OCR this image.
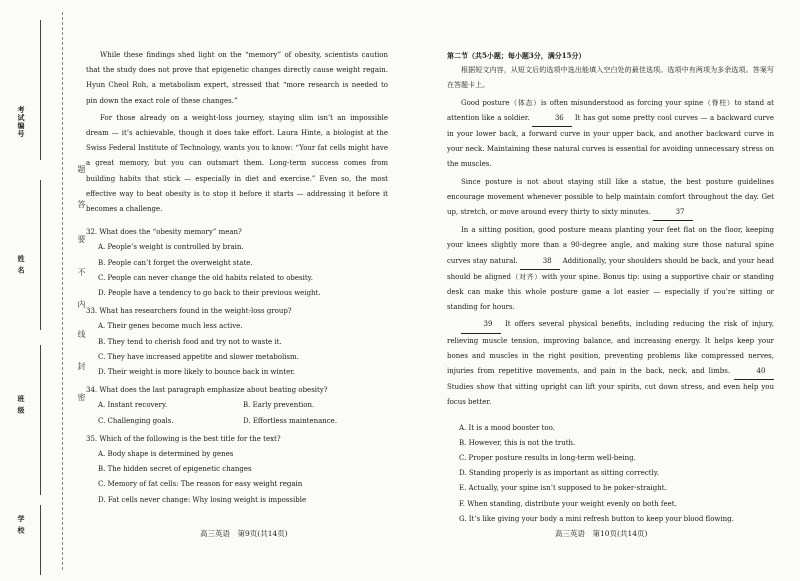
考试编号
姓 名
班 级
学 校
题
答
要
不
内
线
封
密

While these findings shed light on the “memory” of obesity, scientists caution that the study does not prove that epigenetic changes directly cause weight regain. Hyun Cheol Roh, a metabolism expert, stressed that “more research is needed to pin down the exact role of these changes.”

For those already on a weight-loss journey, staying slim isn’t an impossible dream — it’s achievable, though it does take effort. Laura Hinte, a biologist at the Swiss Federal Institute of Technology, wants you to know: “Your fat cells might have a great memory, but you can outsmart them. Long-term success comes from building habits that stick — especially in diet and exercise.” Even so, the most effective way to beat obesity is to stop it before it starts — addressing it before it becomes a challenge.

32. What does the “obesity memory” mean?

A. People’s weight is controlled by brain.

B. People can’t forget the overweight state.

C. People can never change the old habits related to obesity.

D. People have a tendency to go back to their previous weight.

33. What has researchers found in the weight-loss group?

A. Their genes become much less active.

B. They tend to cherish food and try not to waste it.

C. They have increased appetite and slower metabolism.

D. Their weight is more likely to bounce back in winter.

34. What does the last paragraph emphasize about beating obesity?

A. Instant recovery.	B. Early prevention.
C. Challenging goals.	D. Effortless maintenance.

35. Which of the following is the best title for the text?

A. Body shape is determined by genes

B. The hidden secret of epigenetic changes

C. Memory of fat cells: The reason for easy weight regain

D. Fat cells never change: Why losing weight is impossible

高三英语　第9页(共14页)

第二节（共5小题；每小题3分，满分15分）

根据短文内容，从短文后的选项中选出能填入空白处的最佳选项。选项中有两项为多余选项。答案写在答题卡上。

Good posture（体态）is often misunderstood as forcing your spine（脊柱）to stand at attention like a soldier.	36 It has got some pretty cool curves — a backward curve in your lower back, a forward curve in your upper back, and another backward curve in your neck. Maintaining these natural curves is essential for avoiding unnecessary stress on the muscles.

Since posture is not about staying still like a statue, the best posture guidelines encourage movement whenever possible to help maintain comfort throughout the day. Get up, stretch, or move around every thirty to sixty minutes.	37

In a sitting position, good posture means planting your feet flat on the floor, keeping your knees slightly more than a 90-degree angle, and making sure those natural spine curves stay natural.	38 Additionally, your shoulders should be back, and your head should be aligned（对齐）with your spine. Bonus tip: using a supportive chair or standing desk can make this whole posture game a lot easier — especially if you’re sitting or standing for hours.

39 It offers several physical benefits, including reducing the risk of injury, relieving muscle tension, improving balance, and increasing energy. It helps keep your bones and muscles in the right position, preventing problems like compressed nerves, injuries from repetitive movements, and pain in the back, neck, and limbs.	40 Studies show that sitting upright can lift your spirits, cut down stress, and even help you focus better.

A. It is a mood booster too.

B. However, this is not the truth.

C. Proper posture results in long-term well-being.

D. Standing properly is as important as sitting correctly.

E. Actually, your spine isn’t supposed to be poker-straight.

F. When standing, distribute your weight evenly on both feet.

G. It’s like giving your body a mini refresh button to keep your blood flowing.

高三英语　第10页(共14页)
